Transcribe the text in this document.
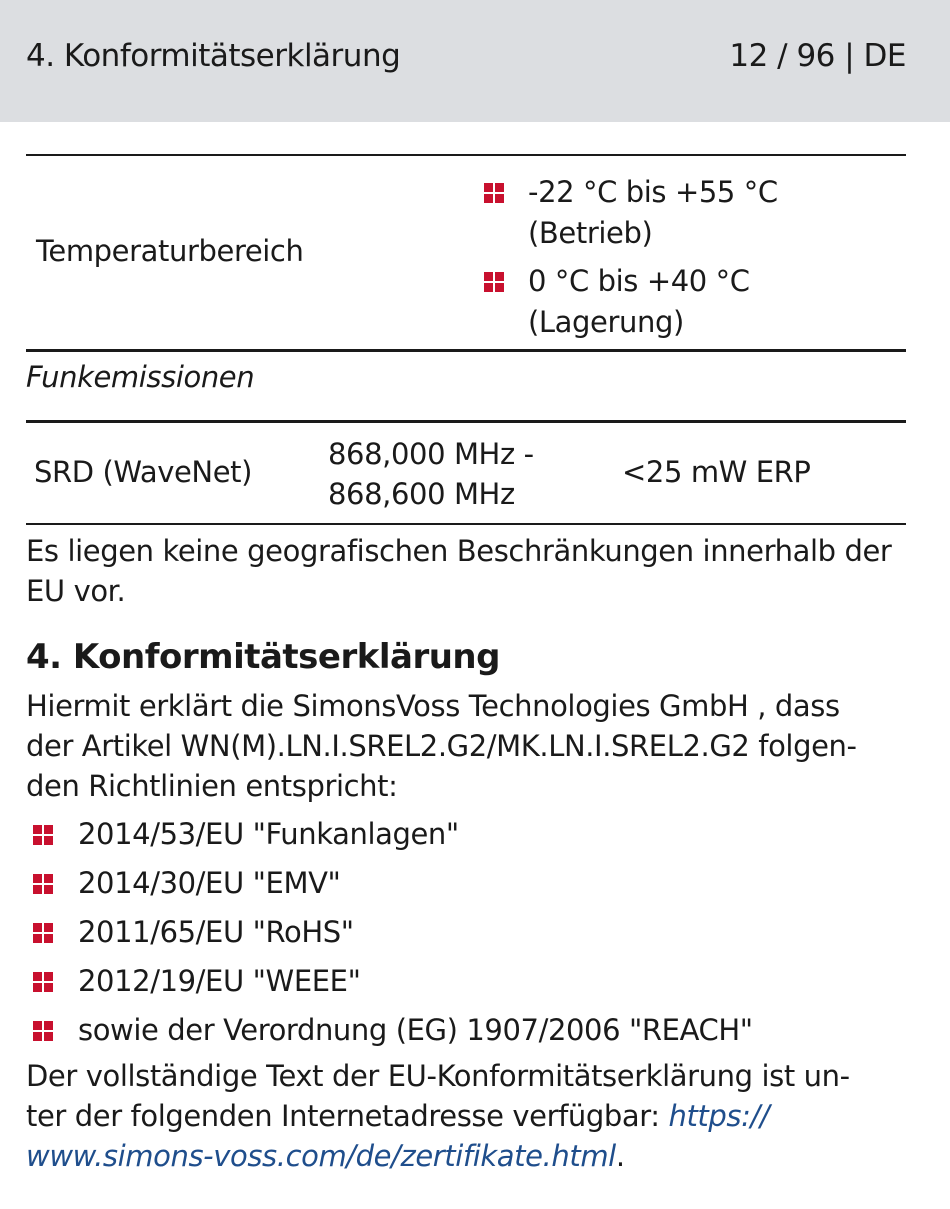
4. Konformitätserklärung	12 / 96 | DE
Temperaturbereich
-22 °C bis +55 °C
(Betrieb)
0 °C bis +40 °C
(Lagerung)
Funkemissionen
SRD (WaveNet)
868,000 MHz -
868,600 MHz
<25 mW ERP

Es liegen keine geografischen Beschränkungen innerhalb der EU vor.

4. Konformitätserklärung

Hiermit erklärt die SimonsVoss Technologies GmbH , dass
der Artikel WN(M).LN.I.SREL2.G2/MK.LN.I.SREL2.G2 folgen-
den Richtlinien entspricht:

2014/53/EU "Funkanlagen"
2014/30/EU "EMV"
2011/65/EU "RoHS"
2012/19/EU "WEEE"
sowie der Verordnung (EG) 1907/2006 "REACH"

Der vollständige Text der EU-Konformitätserklärung ist un-
ter der folgenden Internetadresse verfügbar: https://
www.simons-voss.com/de/zertifikate.html.
